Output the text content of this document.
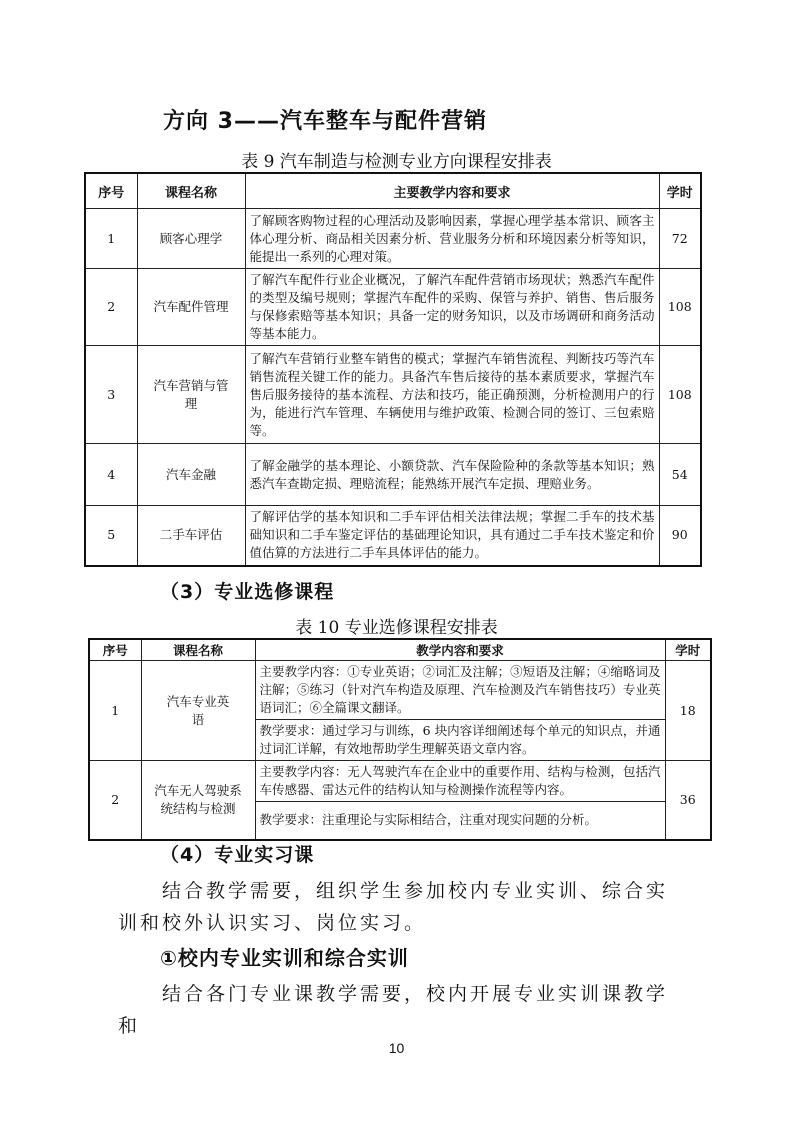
方向 3——汽车整车与配件营销
表 9 汽车制造与检测专业方向课程安排表
序号	课程名称	主要教学内容和要求	学时
1	顾客心理学	了解顾客购物过程的心理活动及影响因素，掌握心理学基本常识、顾客主体心理分析、商品相关因素分析、营业服务分析和环境因素分析等知识，能提出一系列的心理对策。	72
2	汽车配件管理	了解汽车配件行业企业概况，了解汽车配件营销市场现状；熟悉汽车配件的类型及编号规则；掌握汽车配件的采购、保管与养护、销售、售后服务与保修索赔等基本知识；具备一定的财务知识，以及市场调研和商务活动等基本能力。	108
3	汽车营销与管理	了解汽车营销行业整车销售的模式；掌握汽车销售流程、判断技巧等汽车销售流程关键工作的能力。具备汽车售后接待的基本素质要求，掌握汽车售后服务接待的基本流程、方法和技巧，能正确预测，分析检测用户的行为，能进行汽车管理、车辆使用与维护政策、检测合同的签订、三包索赔等。	108
4	汽车金融	了解金融学的基本理论、小额贷款、汽车保险险种的条款等基本知识；熟悉汽车查勘定损、理赔流程；能熟练开展汽车定损、理赔业务。	54
5	二手车评估	了解评估学的基本知识和二手车评估相关法律法规；掌握二手车的技术基础知识和二手车鉴定评估的基础理论知识，具有通过二手车技术鉴定和价值估算的方法进行二手车具体评估的能力。	90
（3）专业选修课程
表 10 专业选修课程安排表
序号	课程名称	教学内容和要求	学时
1	汽车专业英语	主要教学内容：①专业英语；②词汇及注解；③短语及注解；④缩略词及注解；⑤练习（针对汽车构造及原理、汽车检测及汽车销售技巧）专业英语词汇；⑥全篇课文翻译。	18
		教学要求：通过学习与训练，6 块内容详细阐述每个单元的知识点，并通过词汇详解，有效地帮助学生理解英语文章内容。	
2	汽车无人驾驶系统结构与检测	主要教学内容：无人驾驶汽车在企业中的重要作用、结构与检测，包括汽车传感器、雷达元件的结构认知与检测操作流程等内容。	36
		教学要求：注重理论与实际相结合，注重对现实问题的分析。	
（4）专业实习课
结合教学需要，组织学生参加校内专业实训、综合实训和校外认识实习、岗位实习。
①校内专业实训和综合实训
结合各门专业课教学需要，校内开展专业实训课教学和
10
